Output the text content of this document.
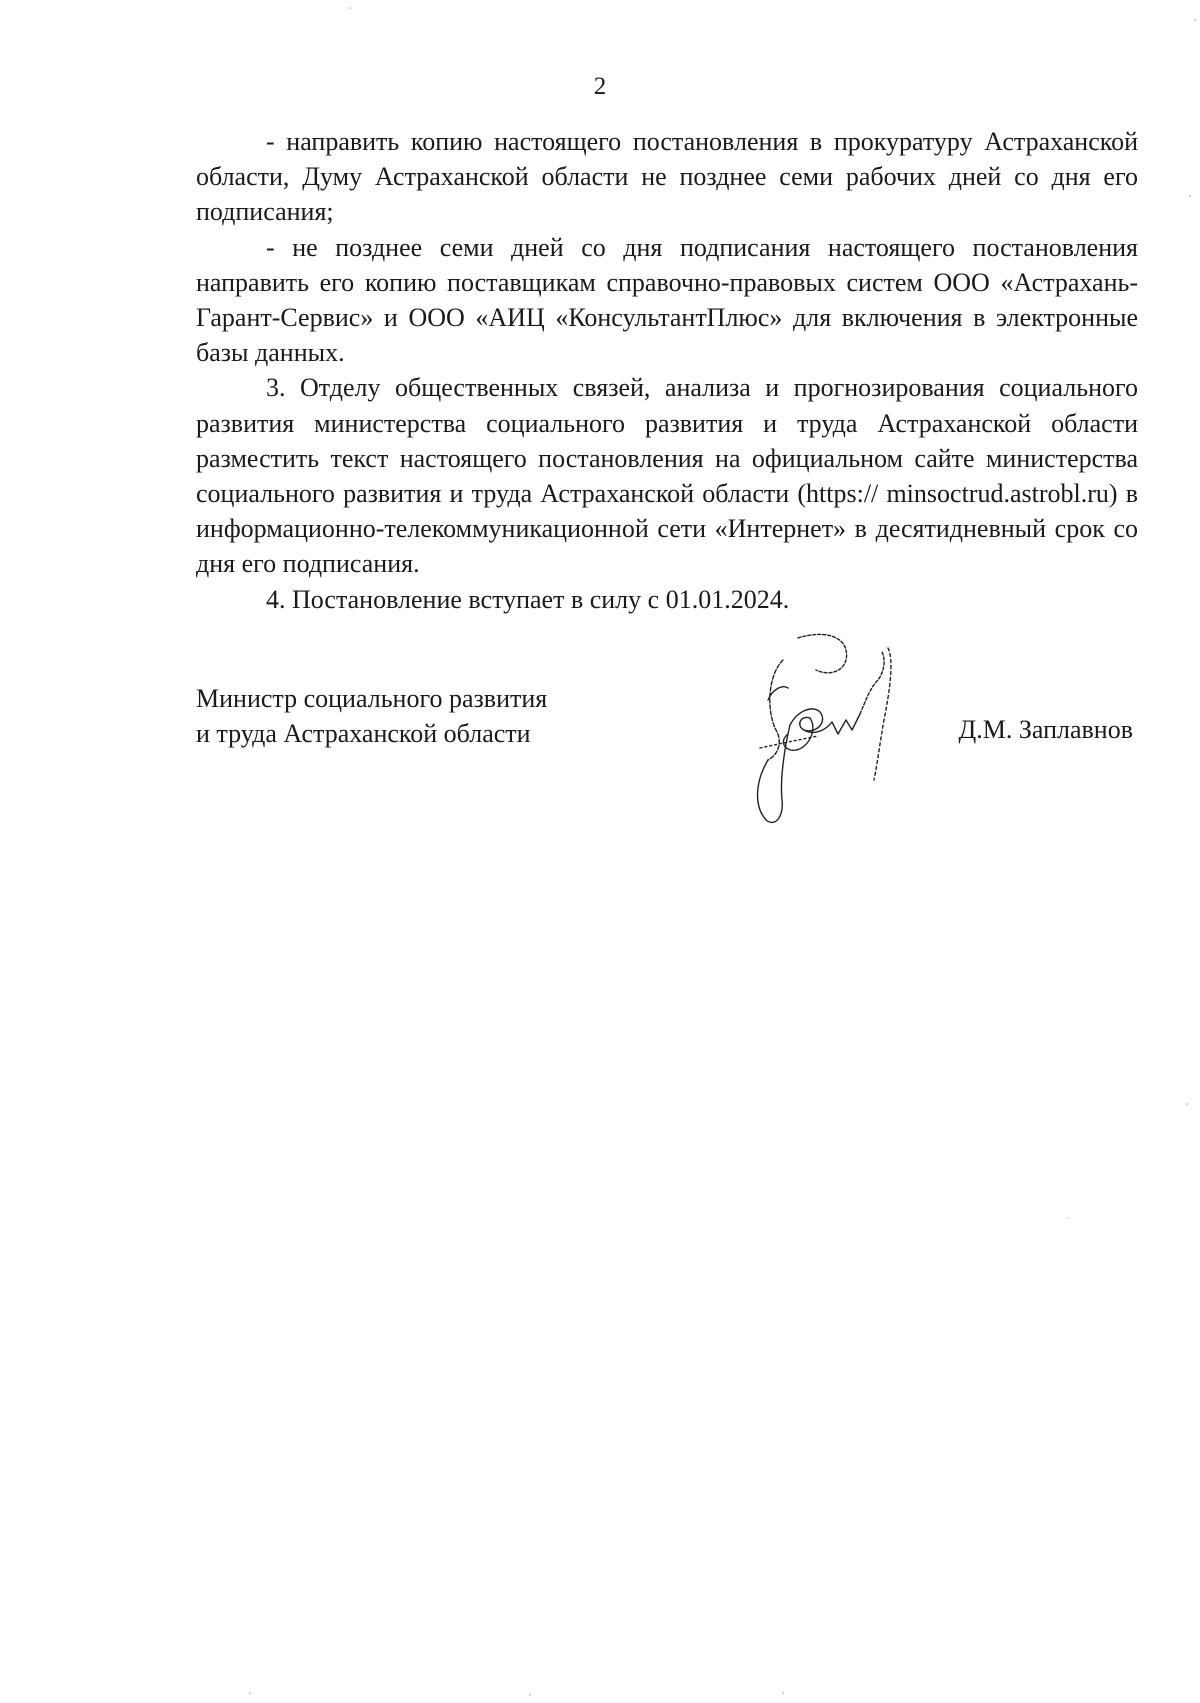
2

- направить копию настоящего постановления в прокуратуру Астраханской области, Думу Астраханской области не позднее семи рабочих дней со дня его подписания;

- не позднее семи дней со дня подписания настоящего постановления направить его копию поставщикам справочно-правовых систем ООО «Астрахань-Гарант-Сервис» и ООО «АИЦ «КонсультантПлюс» для включения в электронные базы данных.

3. Отделу общественных связей, анализа и прогнозирования социального развития министерства социального развития и труда Астраханской области разместить текст настоящего постановления на официальном сайте министерства социального развития и труда Астраханской области (https:// minsoctrud.astrobl.ru) в информационно-телекоммуникационной сети «Интернет» в десятидневный срок со дня его подписания.

4. Постановление вступает в силу с 01.01.2024.

Министр социального развития
и труда Астраханской области	Д.М. Заплавнов
